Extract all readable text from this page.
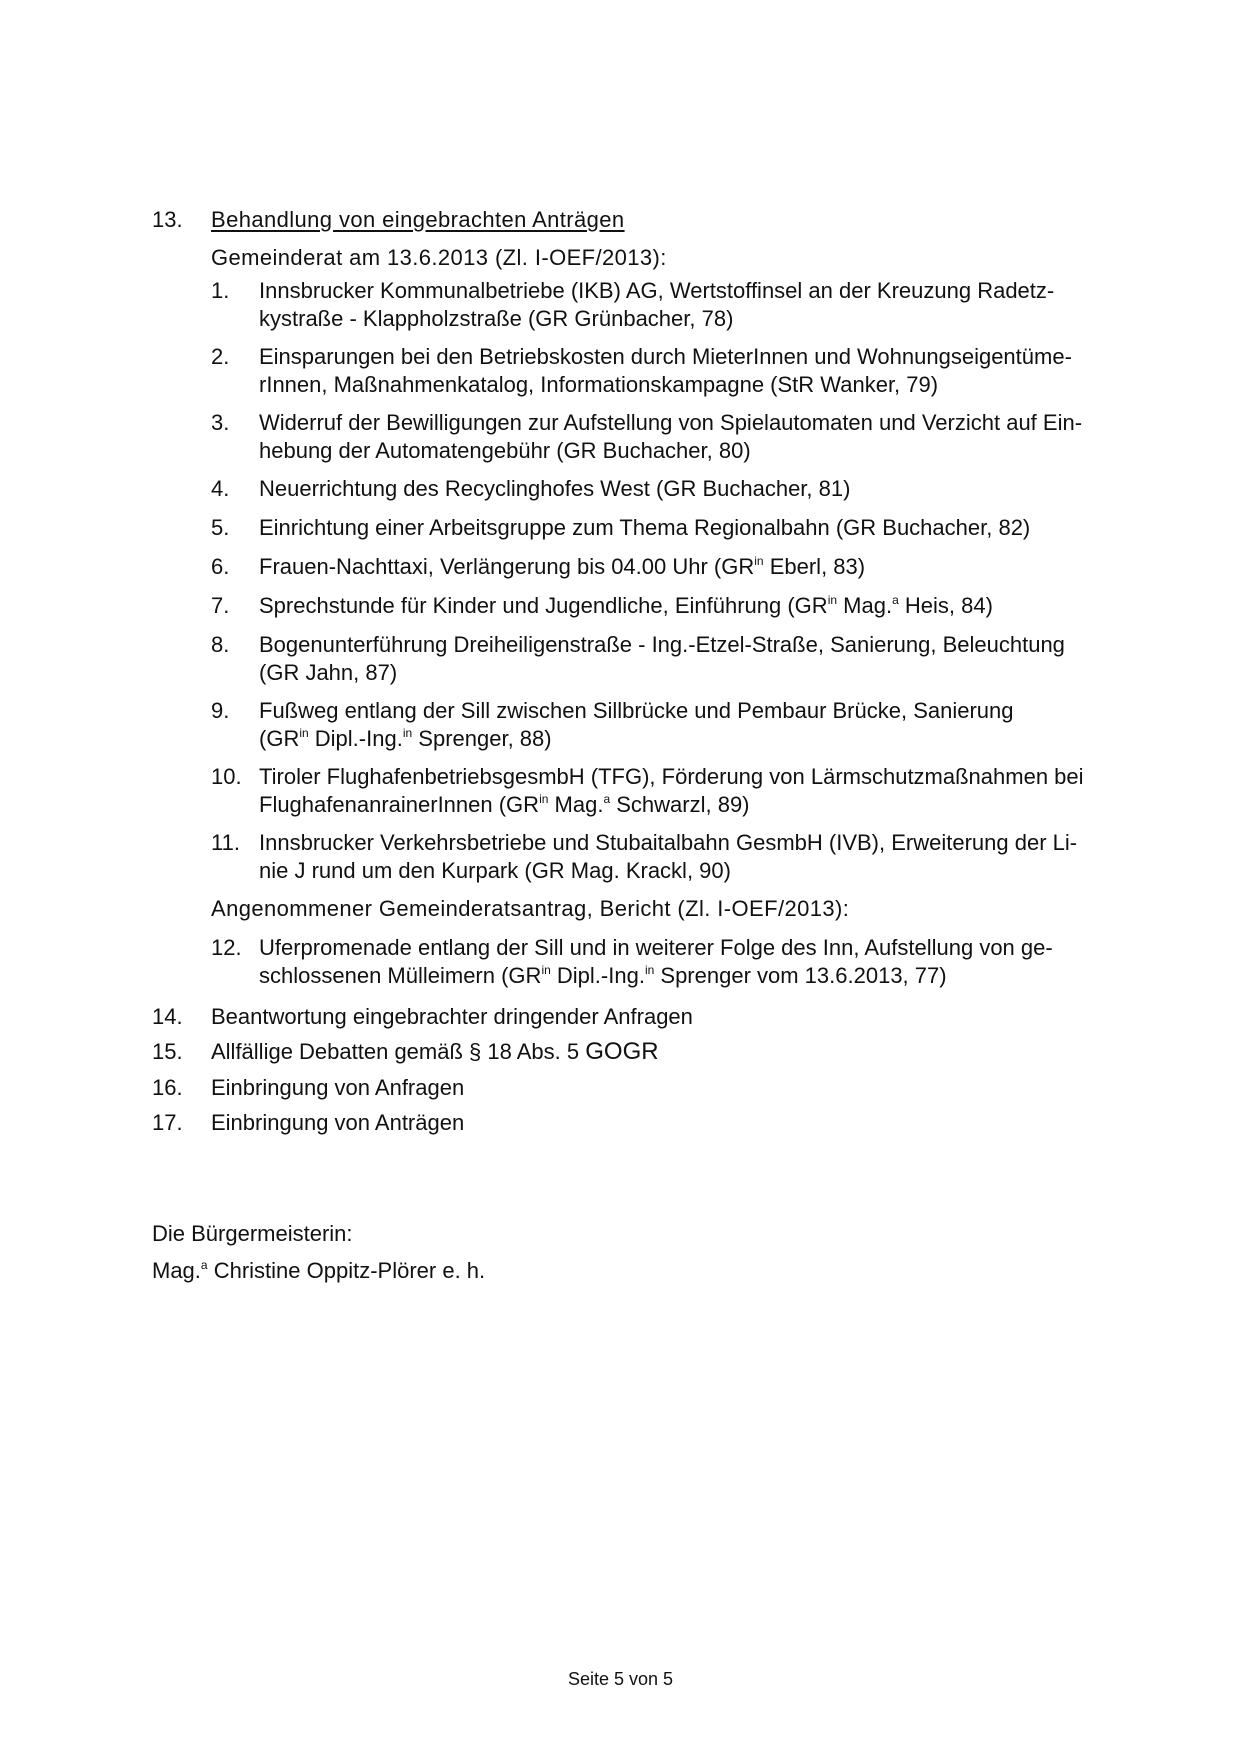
13. Behandlung von eingebrachten Anträgen
Gemeinderat am 13.6.2013 (Zl. I-OEF/2013):
1. Innsbrucker Kommunalbetriebe (IKB) AG, Wertstoffinsel an der Kreuzung Radetz-
kystraße - Klappholzstraße (GR Grünbacher, 78)
2. Einsparungen bei den Betriebskosten durch MieterInnen und Wohnungseigentüme-
rInnen, Maßnahmenkatalog, Informationskampagne (StR Wanker, 79)
3. Widerruf der Bewilligungen zur Aufstellung von Spielautomaten und Verzicht auf Ein-
hebung der Automatengebühr (GR Buchacher, 80)
4. Neuerrichtung des Recyclinghofes West (GR Buchacher, 81)
5. Einrichtung einer Arbeitsgruppe zum Thema Regionalbahn (GR Buchacher, 82)
6. Frauen-Nachttaxi, Verlängerung bis 04.00 Uhr ($GR^{in}$ Eberl, 83)
7. Sprechstunde für Kinder und Jugendliche, Einführung ($GR^{in}$ Mag.$^a$ Heis, 84)
8. Bogenunterführung Dreiheiligenstraße - Ing.-Etzel-Straße, Sanierung, Beleuchtung
(GR Jahn, 87)
9. Fußweg entlang der Sill zwischen Sillbrücke und Pembaur Brücke, Sanierung
($GR^{in}$ Dipl.-Ing.$^{in}$ Sprenger, 88)
10. Tiroler FlughafenbetriebsgesmbH (TFG), Förderung von Lärmschutzmaßnahmen bei
FlughafenanrainerInnen ($GR^{in}$ Mag.$^a$ Schwarzl, 89)
11. Innsbrucker Verkehrsbetriebe und Stubaitalbahn GesmbH (IVB), Erweiterung der Li-
nie J rund um den Kurpark (GR Mag. Krackl, 90)
Angenommener Gemeinderatsantrag, Bericht (Zl. I-OEF/2013):
12. Uferpromenade entlang der Sill und in weiterer Folge des Inn, Aufstellung von ge-
schlossenen Mülleimern ($GR^{in}$ Dipl.-Ing.$^{in}$ Sprenger vom 13.6.2013, 77)
14. Beantwortung eingebrachter dringender Anfragen
15. Allfällige Debatten gemäß § 18 Abs. 5 GOGR
16. Einbringung von Anfragen
17. Einbringung von Anträgen
Die Bürgermeisterin:
Mag.$^a$ Christine Oppitz-Plörer e. h.
Seite 5 von 5
